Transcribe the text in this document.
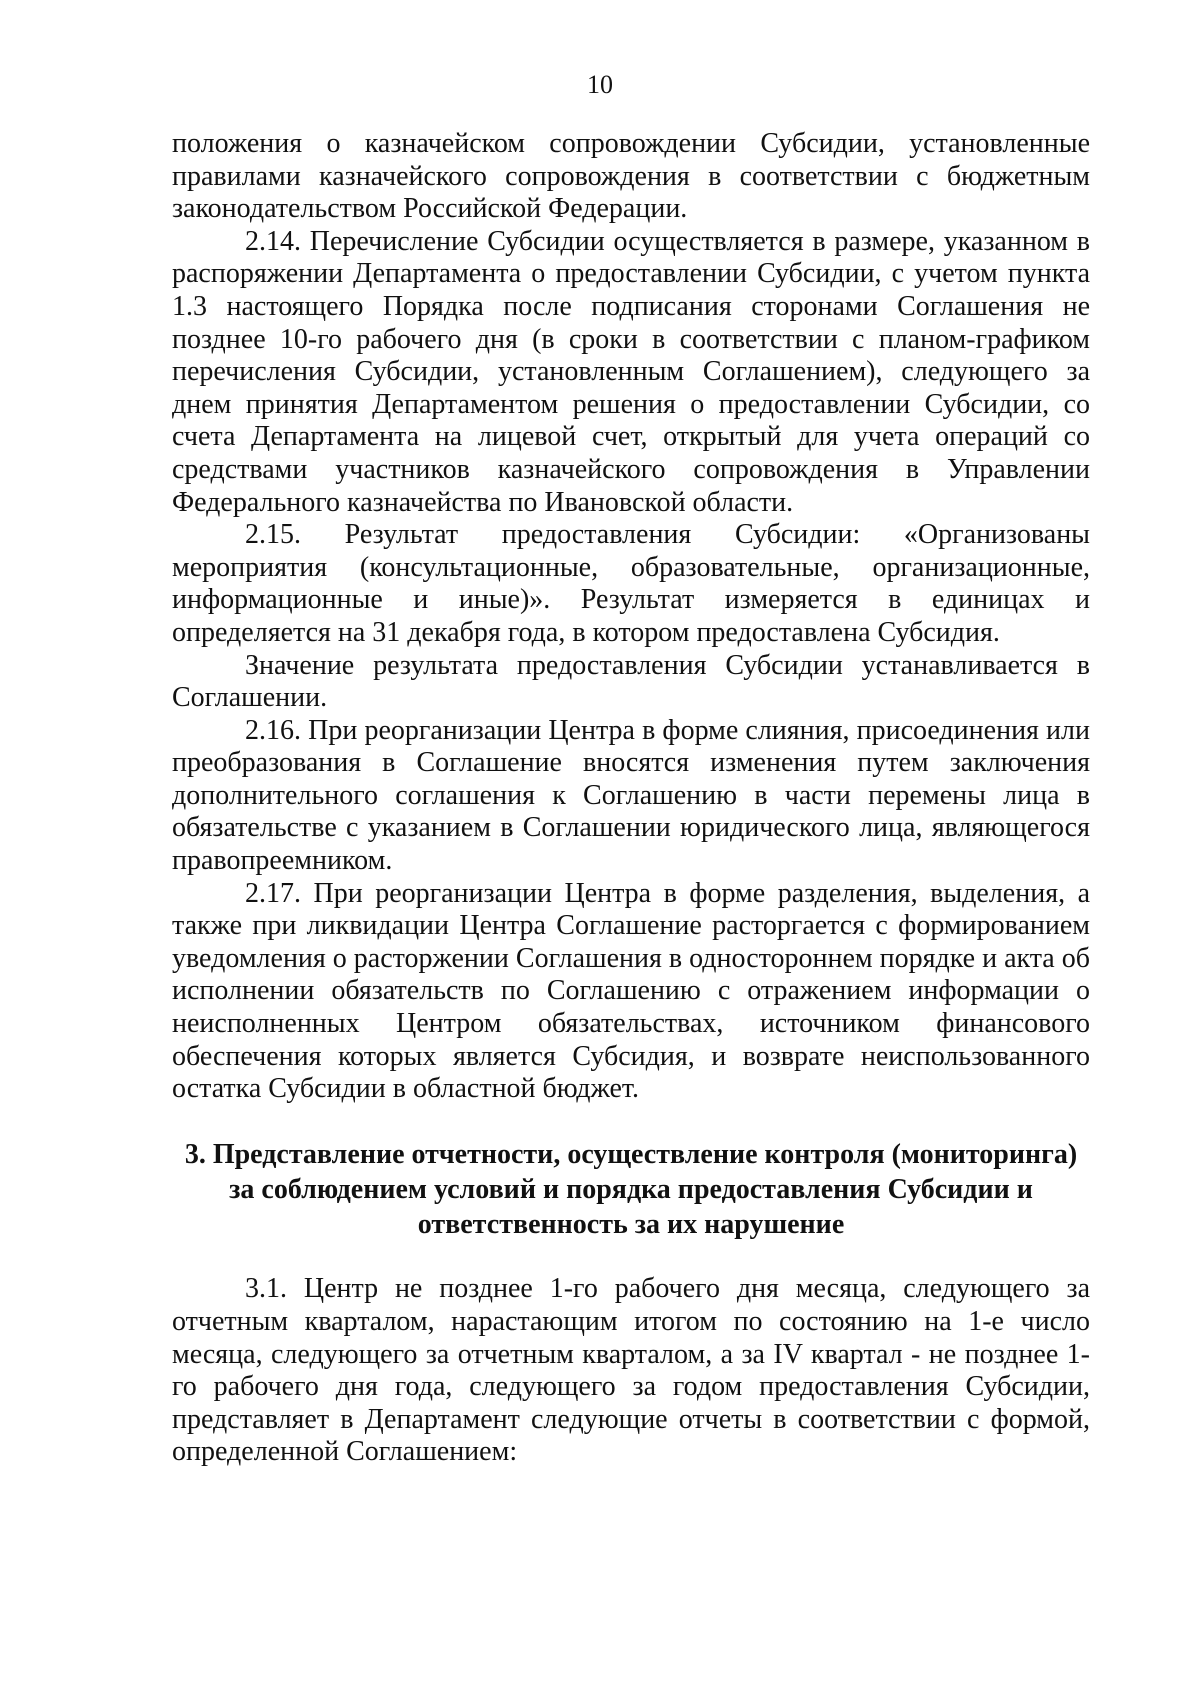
10

положения о казначейском сопровождении Субсидии, установленные правилами казначейского сопровождения в соответствии с бюджетным законодательством Российской Федерации.

2.14. Перечисление Субсидии осуществляется в размере, указанном в распоряжении Департамента о предоставлении Субсидии, с учетом пункта 1.3 настоящего Порядка после подписания сторонами Соглашения не позднее 10-го рабочего дня (в сроки в соответствии с планом-графиком перечисления Субсидии, установленным Соглашением), следующего за днем принятия Департаментом решения о предоставлении Субсидии, со счета Департамента на лицевой счет, открытый для учета операций со средствами участников казначейского сопровождения в Управлении Федерального казначейства по Ивановской области.

2.15. Результат предоставления Субсидии: «Организованы мероприятия (консультационные, образовательные, организационные, информационные и иные)». Результат измеряется в единицах и определяется на 31 декабря года, в котором предоставлена Субсидия.

Значение результата предоставления Субсидии устанавливается в Соглашении.

2.16. При реорганизации Центра в форме слияния, присоединения или преобразования в Соглашение вносятся изменения путем заключения дополнительного соглашения к Соглашению в части перемены лица в обязательстве с указанием в Соглашении юридического лица, являющегося правопреемником.

2.17. При реорганизации Центра в форме разделения, выделения, а также при ликвидации Центра Соглашение расторгается с формированием уведомления о расторжении Соглашения в одностороннем порядке и акта об исполнении обязательств по Соглашению с отражением информации о неисполненных Центром обязательствах, источником финансового обеспечения которых является Субсидия, и возврате неиспользованного остатка Субсидии в областной бюджет.

3. Представление отчетности, осуществление контроля (мониторинга)
за соблюдением условий и порядка предоставления Субсидии и
ответственность за их нарушение

3.1. Центр не позднее 1-го рабочего дня месяца, следующего за отчетным кварталом, нарастающим итогом по состоянию на 1-е число месяца, следующего за отчетным кварталом, а за IV квартал - не позднее 1-го рабочего дня года, следующего за годом предоставления Субсидии, представляет в Департамент следующие отчеты в соответствии с формой, определенной Соглашением:
